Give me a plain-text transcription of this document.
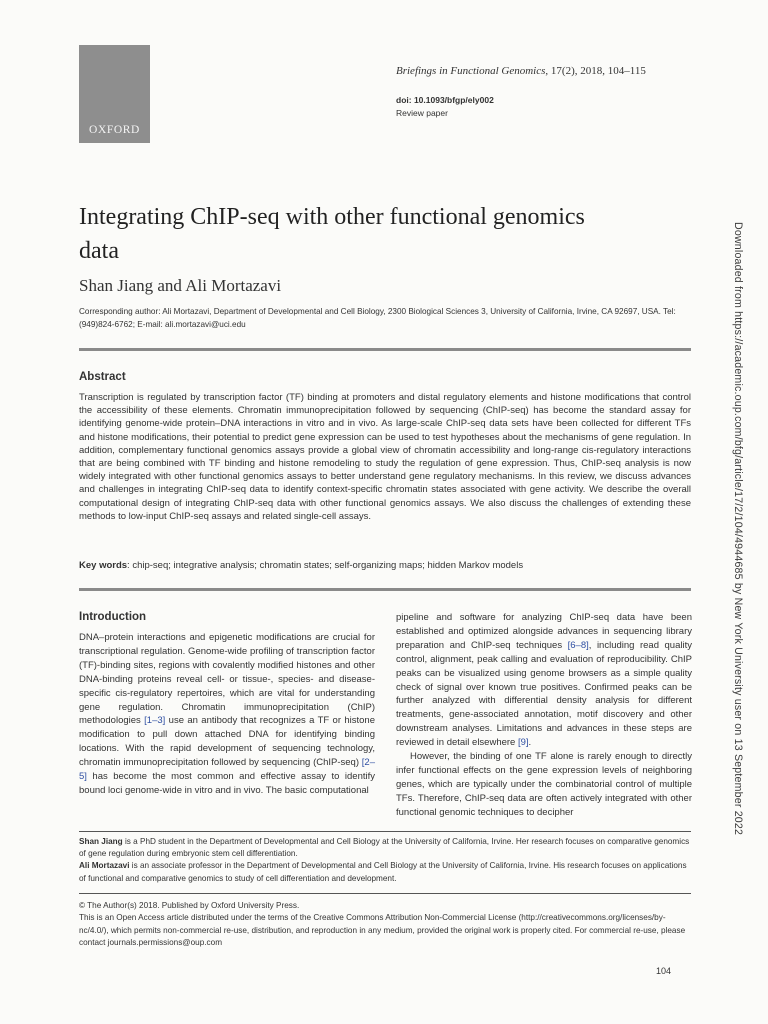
OXFORD
Briefings in Functional Genomics, 17(2), 2018, 104–115
doi: 10.1093/bfgp/ely002
Review paper
Integrating ChIP-seq with other functional genomics data
Shan Jiang and Ali Mortazavi
Corresponding author: Ali Mortazavi, Department of Developmental and Cell Biology, 2300 Biological Sciences 3, University of California, Irvine, CA 92697, USA. Tel: (949)824-6762; E-mail: ali.mortazavi@uci.edu
Abstract
Transcription is regulated by transcription factor (TF) binding at promoters and distal regulatory elements and histone modifications that control the accessibility of these elements. Chromatin immunoprecipitation followed by sequencing (ChIP-seq) has become the standard assay for identifying genome-wide protein–DNA interactions in vitro and in vivo. As large-scale ChIP-seq data sets have been collected for different TFs and histone modifications, their potential to predict gene expression can be used to test hypotheses about the mechanisms of gene regulation. In addition, complementary functional genomics assays provide a global view of chromatin accessibility and long-range cis-regulatory interactions that are being combined with TF binding and histone remodeling to study the regulation of gene expression. Thus, ChIP-seq analysis is now widely integrated with other functional genomics assays to better understand gene regulatory mechanisms. In this review, we discuss advances and challenges in integrating ChIP-seq data to identify context-specific chromatin states associated with gene activity. We describe the overall computational design of integrating ChIP-seq data with other functional genomics assays. We also discuss the challenges of extending these methods to low-input ChIP-seq assays and related single-cell assays.
Key words: chip-seq; integrative analysis; chromatin states; self-organizing maps; hidden Markov models
Introduction

DNA–protein interactions and epigenetic modifications are crucial for transcriptional regulation. Genome-wide profiling of transcription factor (TF)-binding sites, regions with covalently modified histones and other DNA-binding proteins reveal cell- or tissue-, species- and disease-specific cis-regulatory repertoires, which are vital for understanding gene regulation. Chromatin immunoprecipitation (ChIP) methodologies [1–3] use an antibody that recognizes a TF or histone modification to pull down attached DNA for identifying binding locations. With the rapid development of sequencing technology, chromatin immunoprecipitation followed by sequencing (ChIP-seq) [2–5] has become the most common and effective assay to identify bound loci genome-wide in vitro and in vivo. The basic computational

pipeline and software for analyzing ChIP-seq data have been established and optimized alongside advances in sequencing library preparation and ChIP-seq techniques [6–8], including read quality control, alignment, peak calling and evaluation of reproducibility. ChIP peaks can be visualized using genome browsers as a simple quality check of signal over known true positives. Confirmed peaks can be further analyzed with differential density analysis for different treatments, gene-associated annotation, motif discovery and other downstream analyses. Limitations and advances in these steps are reviewed in detail elsewhere [9].

However, the binding of one TF alone is rarely enough to directly infer functional effects on the gene expression levels of neighboring genes, which are typically under the combinatorial control of multiple TFs. Therefore, ChIP-seq data are often actively integrated with other functional genomic techniques to decipher

Shan Jiang is a PhD student in the Department of Developmental and Cell Biology at the University of California, Irvine. Her research focuses on comparative genomics of gene regulation during embryonic stem cell differentiation.

Ali Mortazavi is an associate professor in the Department of Developmental and Cell Biology at the University of California, Irvine. His research focuses on applications of functional and comparative genomics to study of cell differentiation and development.

© The Author(s) 2018. Published by Oxford University Press.

This is an Open Access article distributed under the terms of the Creative Commons Attribution Non-Commercial License (http://creativecommons.org/licenses/by-nc/4.0/), which permits non-commercial re-use, distribution, and reproduction in any medium, provided the original work is properly cited. For commercial re-use, please contact journals.permissions@oup.com

104
Downloaded from https://academic.oup.com/bfg/article/17/2/104/4944685 by New York University user on 13 September 2022
